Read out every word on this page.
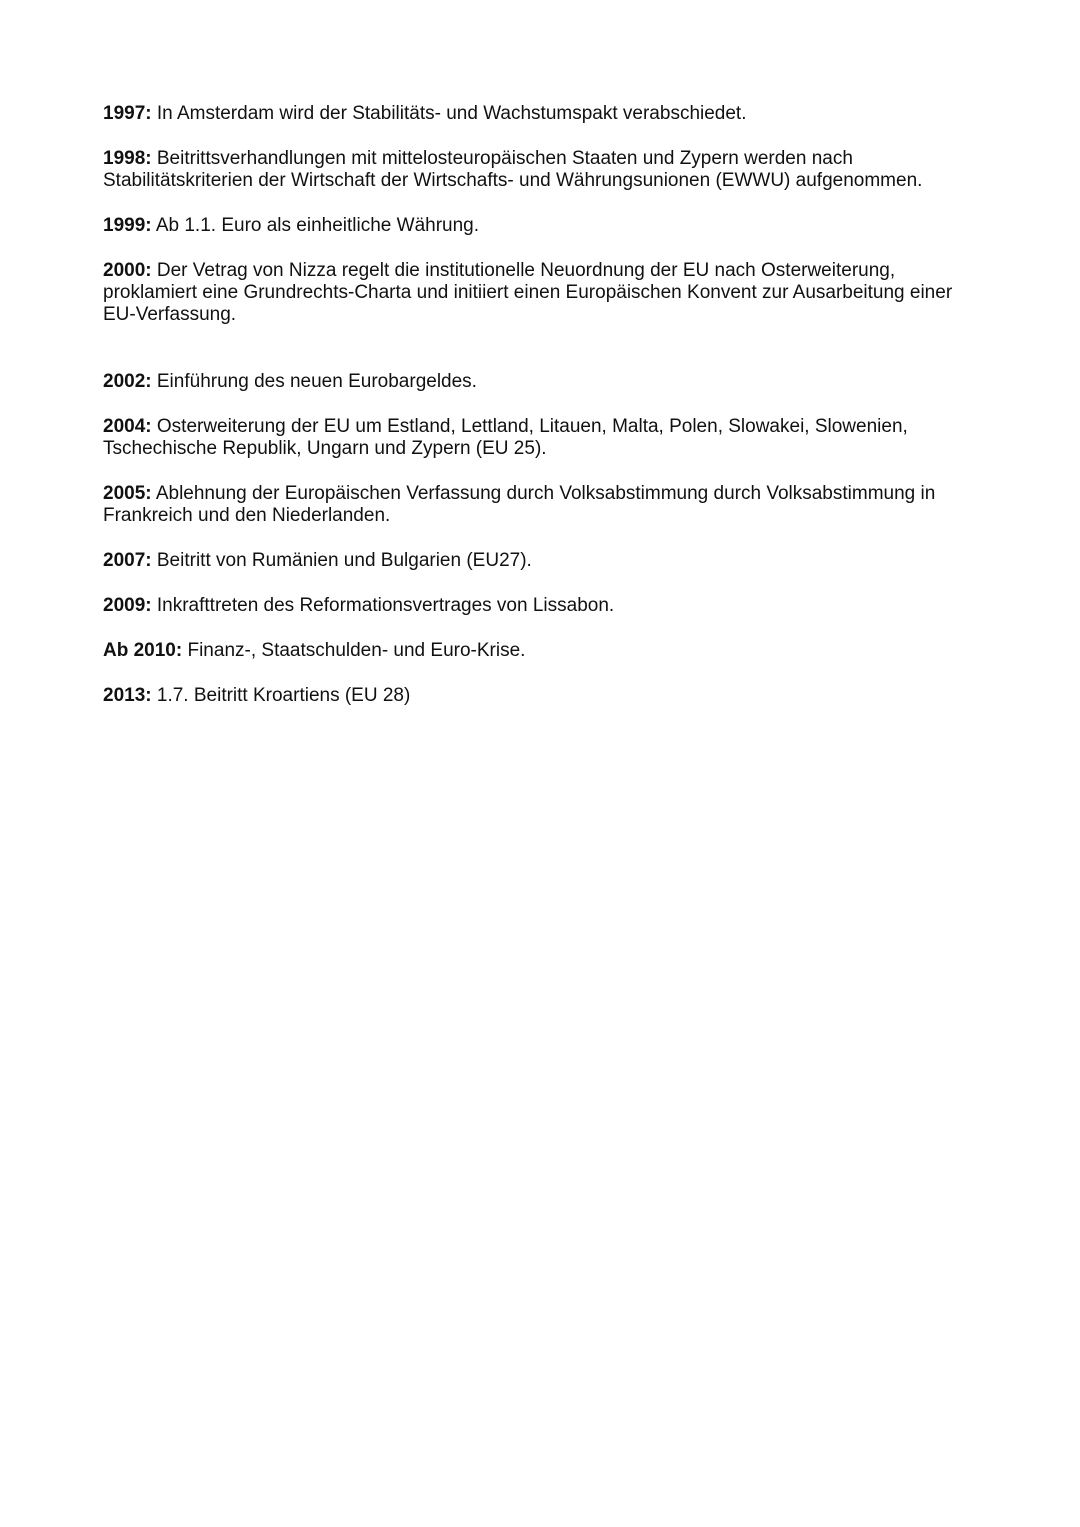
1997: In Amsterdam wird der Stabilitäts- und Wachstumspakt verabschiedet.

1998: Beitrittsverhandlungen mit mittelosteuropäischen Staaten und Zypern werden nach Stabilitätskriterien der Wirtschaft der Wirtschafts- und Währungsunionen (EWWU) aufgenommen.

1999: Ab 1.1. Euro als einheitliche Währung.

2000: Der Vetrag von Nizza regelt die institutionelle Neuordnung der EU nach Osterweiterung, proklamiert eine Grundrechts-Charta und initiiert einen Europäischen Konvent zur Ausarbeitung einer EU-Verfassung.

2002: Einführung des neuen Eurobargeldes.

2004: Osterweiterung der EU um Estland, Lettland, Litauen, Malta, Polen, Slowakei, Slowenien, Tschechische Republik, Ungarn und Zypern (EU 25).

2005: Ablehnung der Europäischen Verfassung durch Volksabstimmung durch Volksabstimmung in Frankreich und den Niederlanden.

2007: Beitritt von Rumänien und Bulgarien (EU27).

2009: Inkrafttreten des Reformationsvertrages von Lissabon.

Ab 2010: Finanz-, Staatschulden- und Euro-Krise.

2013: 1.7. Beitritt Kroartiens (EU 28)
